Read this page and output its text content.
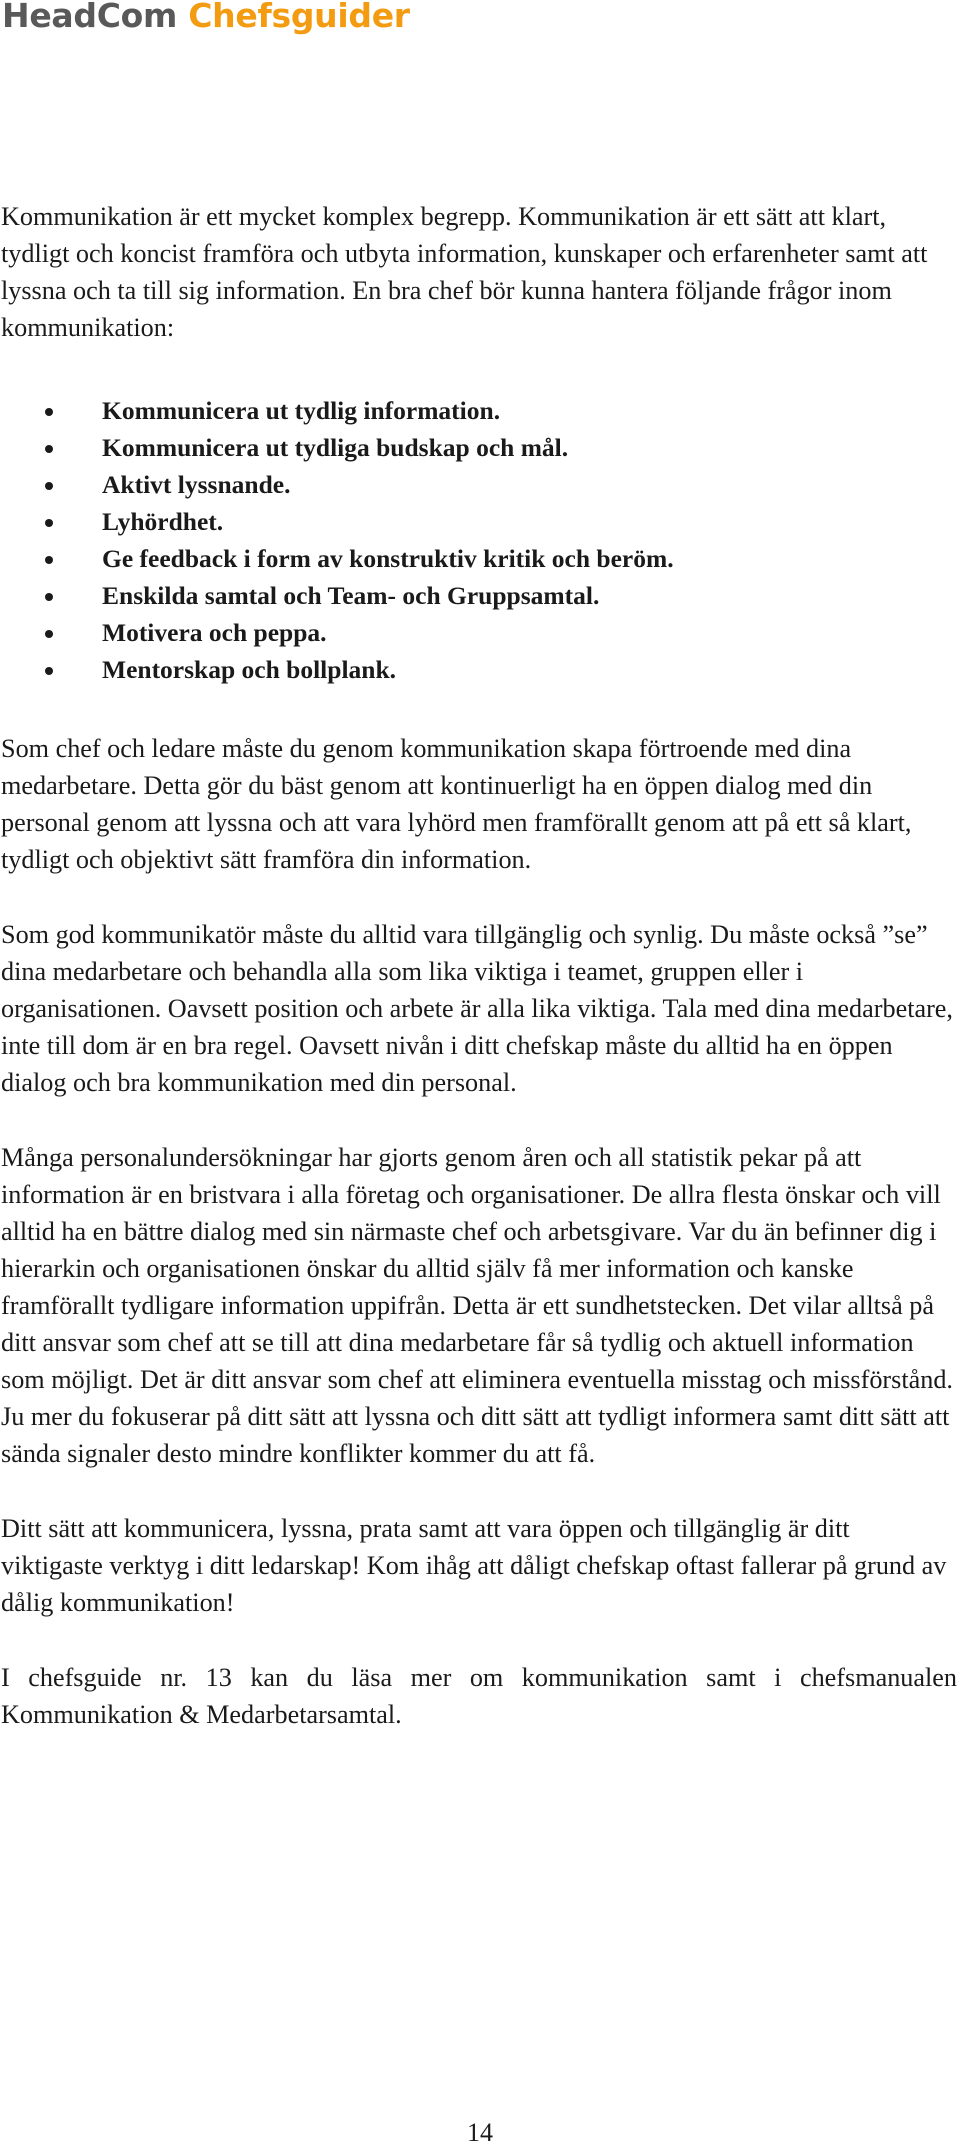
HeadCom Chefsguider

Kommunikation är ett mycket komplex begrepp. Kommunikation är ett sätt att klart, tydligt och koncist framföra och utbyta information, kunskaper och erfarenheter samt att lyssna och ta till sig information. En bra chef bör kunna hantera följande frågor inom kommunikation:

Kommunicera ut tydlig information.
Kommunicera ut tydliga budskap och mål.
Aktivt lyssnande.
Lyhördhet.
Ge feedback i form av konstruktiv kritik och beröm.
Enskilda samtal och Team- och Gruppsamtal.
Motivera och peppa.
Mentorskap och bollplank.

Som chef och ledare måste du genom kommunikation skapa förtroende med dina medarbetare. Detta gör du bäst genom att kontinuerligt ha en öppen dialog med din personal genom att lyssna och att vara lyhörd men framförallt genom att på ett så klart, tydligt och objektivt sätt framföra din information.

Som god kommunikatör måste du alltid vara tillgänglig och synlig. Du måste också ”se” dina medarbetare och behandla alla som lika viktiga i teamet, gruppen eller i organisationen. Oavsett position och arbete är alla lika viktiga. Tala med dina medarbetare, inte till dom är en bra regel. Oavsett nivån i ditt chefskap måste du alltid ha en öppen dialog och bra kommunikation med din personal.

Många personalundersökningar har gjorts genom åren och all statistik pekar på att information är en bristvara i alla företag och organisationer. De allra flesta önskar och vill alltid ha en bättre dialog med sin närmaste chef och arbetsgivare. Var du än befinner dig i hierarkin och organisationen önskar du alltid själv få mer information och kanske framförallt tydligare information uppifrån. Detta är ett sundhetstecken. Det vilar alltså på ditt ansvar som chef att se till att dina medarbetare får så tydlig och aktuell information som möjligt. Det är ditt ansvar som chef att eliminera eventuella misstag och missförstånd. Ju mer du fokuserar på ditt sätt att lyssna och ditt sätt att tydligt informera samt ditt sätt att sända signaler desto mindre konflikter kommer du att få.

Ditt sätt att kommunicera, lyssna, prata samt att vara öppen och tillgänglig är ditt viktigaste verktyg i ditt ledarskap! Kom ihåg att dåligt chefskap oftast fallerar på grund av dålig kommunikation!

I chefsguide nr. 13 kan du läsa mer om kommunikation samt i chefsmanualen Kommunikation & Medarbetarsamtal.

14
